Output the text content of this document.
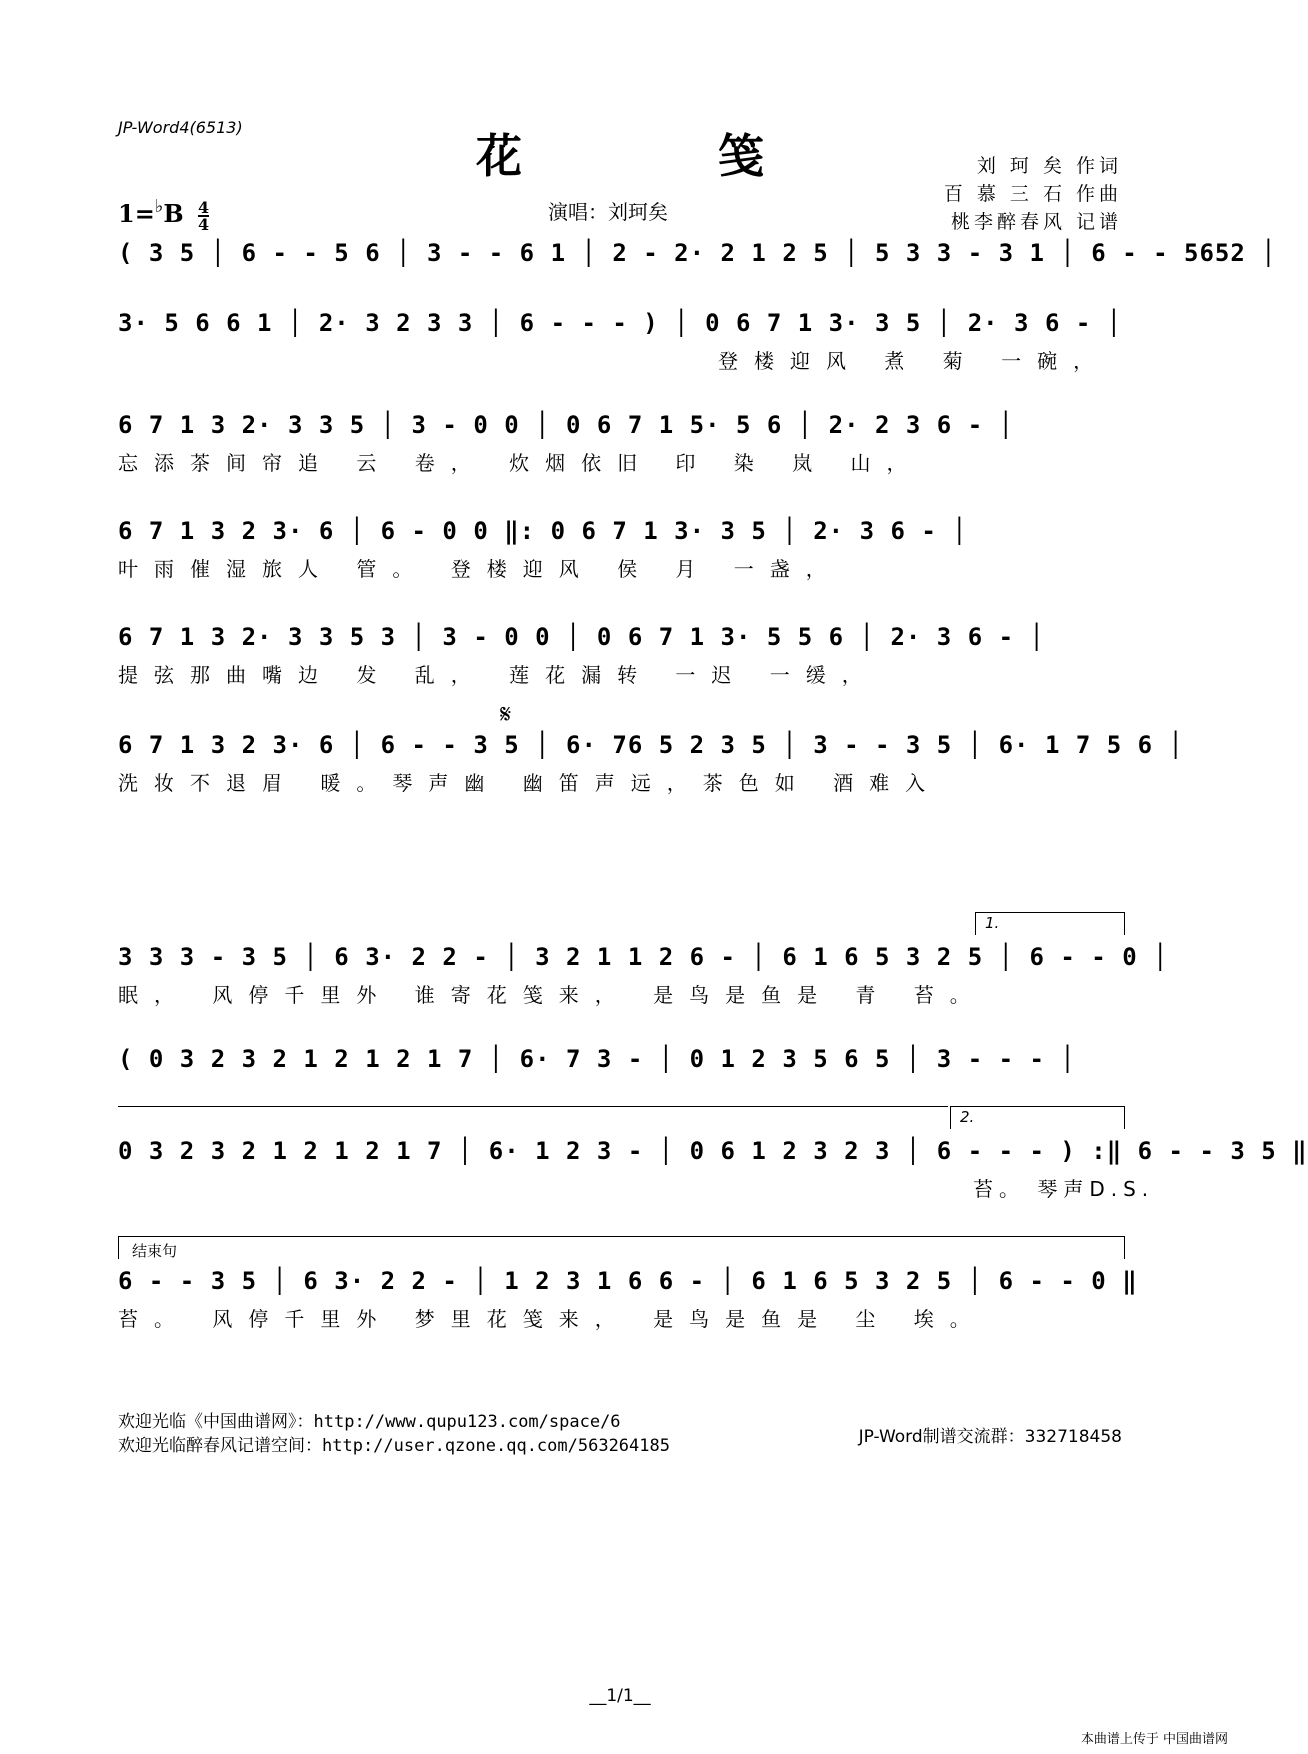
JP-Word4(6513)
花 笺	刘 珂 矣 作词
百 慕 三 石 作曲
桃李醉春风 记谱
$1=^♭B \frac{4}{4}$	演唱：刘珂矣
( 3 5 │ 6 - - 5 6 │ 3 - - 6 1 │ 2 - 2· 2 1 2 5 │ 5 3 3 - 3 1 │ 6 - - 5652 │
3· 5 6 6 1 │ 2· 3 2 3 3 │ 6 - - - ) │ 0 6 7 1 3· 3 5 │ 2· 3 6 - │
登楼迎风 煮 菊 一碗，
6 7 1 3 2· 3 3 5 │ 3 - 0 0 │ 0 6 7 1 5· 5 6 │ 2· 2 3 6 - │
忘添茶间帘追 云 卷， 炊烟依旧 印 染 岚 山，
6 7 1 3 2 3· 6 │ 6 - 0 0 ‖: 0 6 7 1 3· 3 5 │ 2· 3 6 - │
叶雨催湿旅人 管。 登楼迎风 侯 月 一盏，
6 7 1 3 2· 3 3 5 3 │ 3 - 0 0 │ 0 6 7 1 3· 5 5 6 │ 2· 3 6 - │
提弦那曲嘴边 发 乱， 莲花漏转 一迟 一缓，
𝄋
6 7 1 3 2 3· 6 │ 6 - - 3 5 │ 6· 76 5 2 3 5 │ 3 - - 3 5 │ 6· 1 7 5 6 │
洗妆不退眉 暖。琴声幽 幽笛声远，茶色如 酒难入
1.
3 3 3 - 3 5 │ 6 3· 2 2 - │ 3 2 1 1 2 6 - │ 6 1 6 5 3 2 5 │ 6 - - 0 │
眠， 风停千里外 谁寄花笺来， 是鸟是鱼是 青 苔。
( 0 3 2 3 2 1 2 1 2 1 7 │ 6· 7 3 - │ 0 1 2 3 5 6 5 │ 3 - - - │
2.
0 3 2 3 2 1 2 1 2 1 7 │ 6· 1 2 3 - │ 0 6 1 2 3 2 3 │ 6 - - - ) :‖ 6 - - 3 5 ‖
苔。 琴声D.S.
结束句
6 - - 3 5 │ 6 3· 2 2 - │ 1 2 3 1 6 6 - │ 6 1 6 5 3 2 5 │ 6 - - 0 ‖
苔。 风停千里外 梦里花笺来， 是鸟是鱼是 尘 埃。
欢迎光临《中国曲谱网》：http://www.qupu123.com/space/6
欢迎光临醉春风记谱空间：http://user.qzone.qq.com/563264185	JP-Word制谱交流群：332718458
__1/1__
本曲谱上传于 中国曲谱网
